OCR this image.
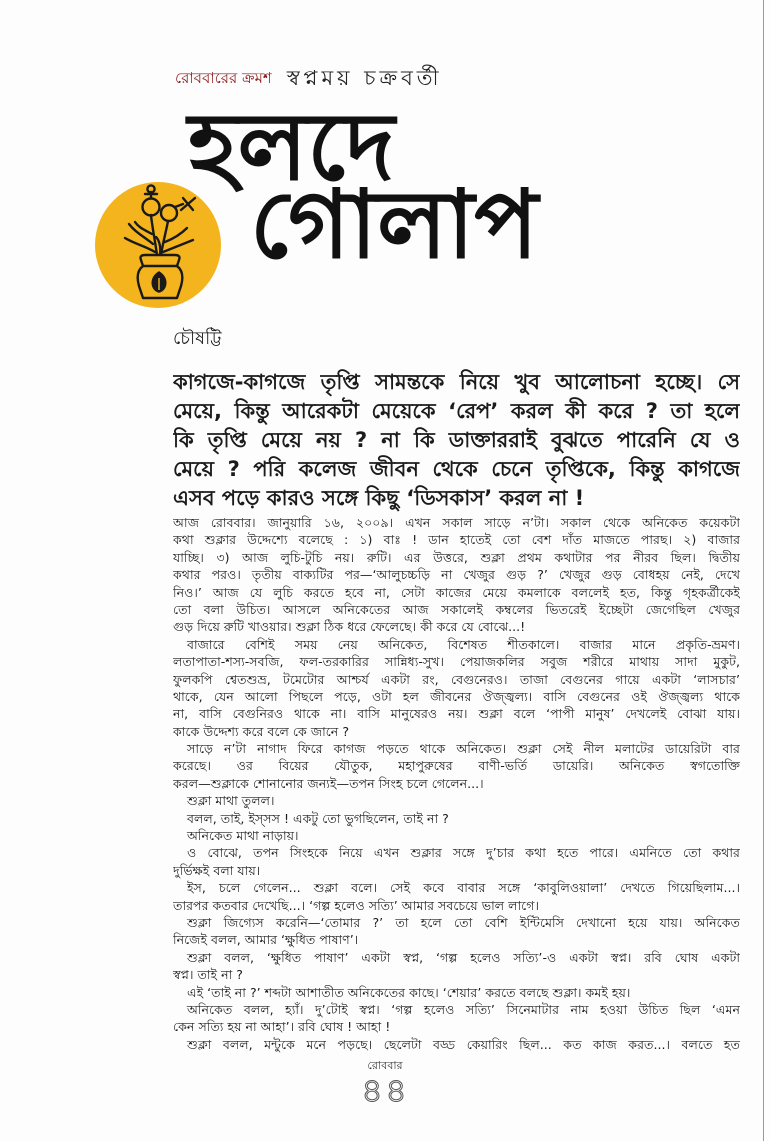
রোববারের ক্রমশ স্বপ্নময় চক্রবর্তী
হলদে
গোলাপ
চৌষট্টি
কাগজে-কাগজে তৃপ্তি সামন্তকে নিয়ে খুব আলোচনা হচ্ছে। সে
মেয়ে, কিন্তু আরেকটা মেয়েকে ‘রেপ’ করল কী করে ? তা হলে
কি তৃপ্তি মেয়ে নয় ? না কি ডাক্তাররাই বুঝতে পারেনি যে ও
মেয়ে ? পরি কলেজ জীবন থেকে চেনে তৃপ্তিকে, কিন্তু কাগজে
এসব পড়ে কারও সঙ্গে কিছু ‘ডিসকাস’ করল না !
আজ রোববার। জানুয়ারি ১৬, ২০০৯। এখন সকাল সাড়ে ন’টা। সকাল থেকে অনিকেত কয়েকটা
কথা শুক্লার উদ্দেশ্যে বলেছে : ১) বাঃ ! ডান হাতেই তো বেশ দাঁত মাজতে পারছ। ২) বাজার
যাচ্ছি। ৩) আজ লুচি-টুচি নয়। রুটি। এর উত্তরে, শুক্লা প্রথম কথাটার পর নীরব ছিল। দ্বিতীয়
কথার পরও। তৃতীয় বাক্যটির পর—‘আলুচচ্চড়ি না খেজুর গুড় ?’ খেজুর গুড় বোধহয় নেই, দেখে
নিও।’ আজ যে লুচি করতে হবে না, সেটা কাজের মেয়ে কমলাকে বললেই হত, কিন্তু গৃহকর্ত্রীকেই
তো বলা উচিত। আসলে অনিকেতের আজ সকালেই কম্বলের ভিতরেই ইচ্ছেটা জেগেছিল খেজুর
গুড় দিয়ে রুটি খাওয়ার। শুক্লা ঠিক ধরে ফেলেছে। কী করে যে বোঝে...!
বাজারে বেশিই সময় নেয় অনিকেত, বিশেষত শীতকালে। বাজার মানে প্রকৃতি-ভ্রমণ।
লতাপাতা-শস্য-সবজি, ফল-তরকারির সান্নিধ্য-সুখ। পেয়াজকলির সবুজ শরীরে মাথায় সাদা মুকুট,
ফুলকপি শ্বেতশুভ্র, টমেটোর আশ্চর্য একটা রং, বেগুনেরও। তাজা বেগুনের গায়ে একটা ‘লাসচার’
থাকে, যেন আলো পিছলে পড়ে, ওটা হল জীবনের ঔজ্জ্বল্য। বাসি বেগুনের ওই ঔজ্জ্বল্য থাকে
না, বাসি বেগুনিরও থাকে না। বাসি মানুষেরও নয়। শুক্লা বলে ‘পাপী মানুষ’ দেখলেই বোঝা যায়।
কাকে উদ্দেশ্য করে বলে কে জানে ?
সাড়ে ন’টা নাগাদ ফিরে কাগজ পড়তে থাকে অনিকেত। শুক্লা সেই নীল মলাটের ডায়েরিটা বার
করেছে। ওর বিয়ের যৌতুক, মহাপুরুষের বাণী-ভর্তি ডায়েরি। অনিকেত স্বগতোক্তি
করল—শুক্লাকে শোনানোর জন্যই—তপন সিংহ চলে গেলেন...।
শুক্লা মাথা তুলল।
বলল, তাই, ইস্সস ! একটু তো ভুগছিলেন, তাই না ?
অনিকেত মাথা নাড়ায়।
ও বোঝে, তপন সিংহকে নিয়ে এখন শুক্লার সঙ্গে দু’চার কথা হতে পারে। এমনিতে তো কথার
দুর্ভিক্ষই বলা যায়।
ইস, চলে গেলেন... শুক্লা বলে। সেই কবে বাবার সঙ্গে ‘কাবুলিওয়ালা’ দেখতে গিয়েছিলাম...।
তারপর কতবার দেখেছি...। ‘গল্প হলেও সত্যি’ আমার সবচেয়ে ভাল লাগে।
শুক্লা জিগ্যেস করেনি—‘তোমার ?’ তা হলে তো বেশি ইন্টিমেসি দেখানো হয়ে যায়। অনিকেত
নিজেই বলল, আমার ‘ক্ষুধিত পাষাণ’।
শুক্লা বলল, ‘ক্ষুধিত পাষাণ’ একটা স্বপ্ন, ‘গল্প হলেও সত্যি’-ও একটা স্বপ্ন। রবি ঘোষ একটা
স্বপ্ন। তাই না ?
এই ‘তাই না ?’ শব্দটা আশাতীত অনিকেতের কাছে। ‘শেয়ার’ করতে বলছে শুক্লা। কমই হয়।
অনিকেত বলল, হ্যাঁ। দু’টোই স্বপ্ন। ‘গল্প হলেও সত্যি’ সিনেমাটার নাম হওয়া উচিত ছিল ‘এমন
কেন সত্যি হয় না আহা’। রবি ঘোষ ! আহা !
শুক্লা বলল, মন্টুকে মনে পড়ছে। ছেলেটা বড্ড কেয়ারিং ছিল... কত কাজ করত...। বলতে হত
রোববার
৪৪
